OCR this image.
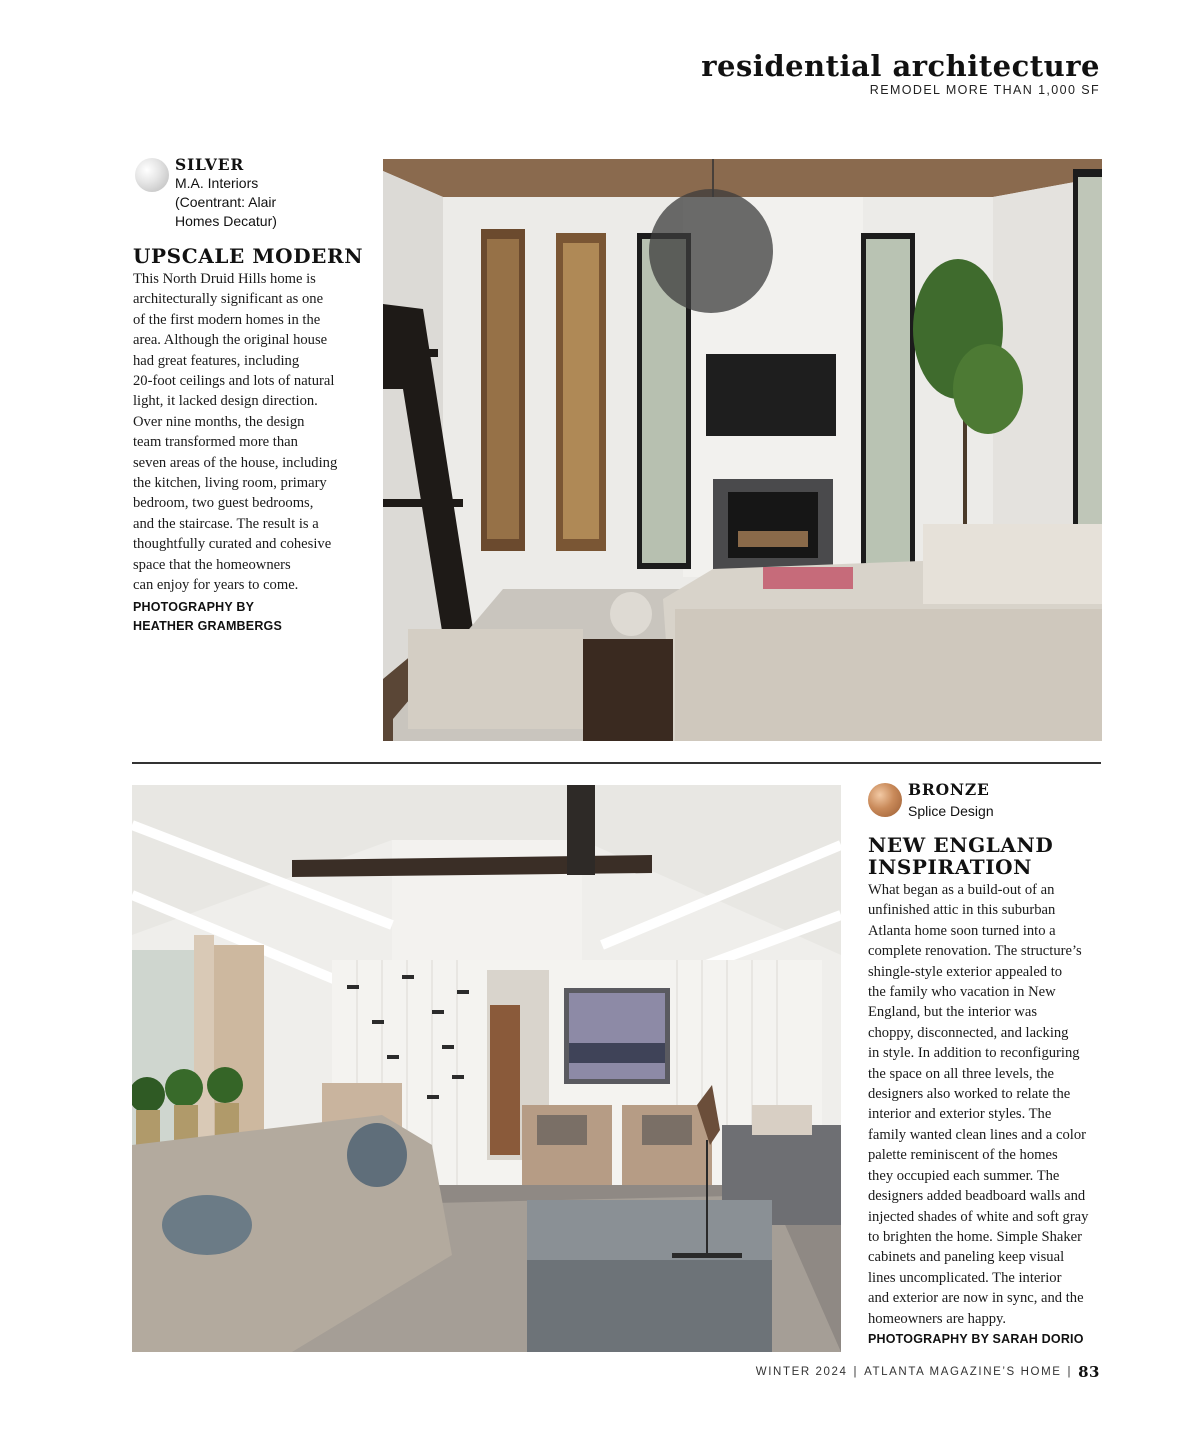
residential architecture
REMODEL MORE THAN 1,000 SF
SILVER
M.A. Interiors
(Coentrant: Alair
Homes Decatur)
UPSCALE MODERN
This North Druid Hills home is
architecturally significant as one
of the first modern homes in the
area. Although the original house
had great features, including
20-foot ceilings and lots of natural
light, it lacked design direction.
Over nine months, the design
team transformed more than
seven areas of the house, including
the kitchen, living room, primary
bedroom, two guest bedrooms,
and the staircase. The result is a
thoughtfully curated and cohesive
space that the homeowners
can enjoy for years to come.
PHOTOGRAPHY BY
HEATHER GRAMBERGS
BRONZE
Splice Design
NEW ENGLAND
INSPIRATION
What began as a build-out of an
unfinished attic in this suburban
Atlanta home soon turned into a
complete renovation. The structure’s
shingle-style exterior appealed to
the family who vacation in New
England, but the interior was
choppy, disconnected, and lacking
in style. In addition to reconfiguring
the space on all three levels, the
designers also worked to relate the
interior and exterior styles. The
family wanted clean lines and a color
palette reminiscent of the homes
they occupied each summer. The
designers added beadboard walls and
injected shades of white and soft gray
to brighten the home. Simple Shaker
cabinets and paneling keep visual
lines uncomplicated. The interior
and exterior are now in sync, and the
homeowners are happy.
PHOTOGRAPHY BY SARAH DORIO
WINTER 2024 | ATLANTA MAGAZINE’S HOME | 83
